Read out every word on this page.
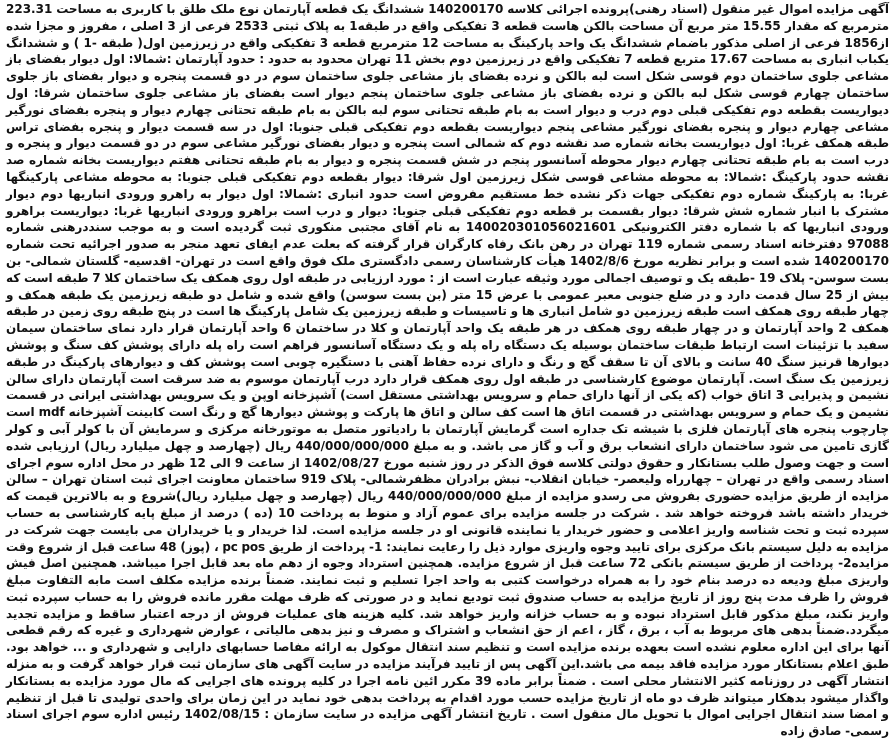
آگهی مزایده اموال غیر منقول (اسناد رهنی)پرونده اجرائی کلاسه 140200170 ششدانگ یک قطعه آپارتمان نوع ملک طلق با کاربری به مساحت 223.31 مترمربع که مقدار 15.55 متر مربع آن مساحت بالکن هاست قطعه 3 تفکیکی واقع در طبقه1 به پلاک ثبتی 2533 فرعی از 3 اصلی ، مفروز و مجزا شده از1856 فرعی از اصلی مذکور باضمام ششدانگ یک واحد پارکینگ به مساحت 12 مترمربع قطعه 3 تفکیکی واقع در زیرزمین اول( طبقه -1 ) و ششدانگ یکباب انباری به مساحت 17.67 متربع قطعه 7 تفکیکی واقع در زیرزمین دوم بخش 11 تهران محدود به حدود : حدود آپارتمان :شمالا: اول دیوار بفضای باز مشاعی جلوی ساختمان دوم قوسی شکل است لبه بالکن و نرده بفضای باز مشاعی جلوی ساختمان سوم در دو قسمت پنجره و دیوار بفضای باز جلوی ساختمان چهارم قوسی شکل لبه بالکن و نرده بفضای باز مشاعی جلوی ساختمان پنجم دیوار است بفضای باز مشاعی جلوی ساختمان شرقا: اول دیواریست بقطعه دوم تفکیکی قبلی دوم درب و دیوار است به بام طبقه تحتانی سوم لبه بالکن به بام طبقه تحتانی چهارم دیوار و پنجره بفضای نورگیر مشاعی چهارم دیوار و پنجره بفضای نورگیر مشاعی پنجم دیواریست بقطعه دوم تفکیکی قبلی جنوبا: اول در سه قسمت دیوار و پنجره بفضای تراس طبقه همکف غربا: اول دیواریست بخانه شماره صد نقشه دوم که شمالی است پنجره و دیوار بفضای نورگیر مشاعی سوم در دو قسمت دیوار و پنجره و درب است به بام طبقه تحتانی چهارم دیوار محوطه آسانسور پنجم در شش قسمت پنجره و دیوار به بام طبقه تحتانی هفتم دیواریست بخانه شماره صد نقشه حدود پارکینگ :شمالا: به محوطه مشاعی قوسی شکل زیرزمین اول شرقا: دیوار بقطعه دوم تفکیکی قبلی جنوبا: به محوطه مشاعی پارکینگها غربا: به پارکینگ شماره دوم تفکیکی جهات ذکر نشده خط مستقیم مفروض است حدود انباری :شمالا: اول دیوار به راهرو ورودی انباریها دوم دیوار مشترک با انبار شماره شش شرقا: دیوار بقسمت بر قطعه دوم تفکیکی قبلی جنوبا: دیوار و درب است براهرو ورودی انباریها غربا: دیواریست براهرو ورودی انباریها که با شماره دفتر الکترونیکی 140020301056021601 به نام آقای مجتبی منکوری ثبت گردیده است و به موجب سنددرهنی شماره 97088 دفترخانه اسناد رسمی شماره 119 تهران در رهن بانک رفاه کارگران قرار گرفته که بعلت عدم ایفای تعهد منجر به صدور اجرائیه تحت شماره 140200170 شده است و برابر نظریه مورخ 1402/8/6 هیأت کارشناسان رسمی دادگستری ملک فوق واقع است در تهران- اقدسیه- گلستان شمالی- بن بست سوسن- پلاک 19 -طبقه یک و توصیف اجمالی مورد وثیقه عبارت است از : مورد ارزیابی در طبقه اول روی همکف یک ساختمان کلا 7 طبقه است که بیش از 25 سال قدمت دارد و در ضلع جنوبی معبر عمومی با عرض 15 متر (بن بست سوسن) واقع شده و شامل دو طبقه زیرزمین یک طبقه همکف و چهار طبقه روی همکف است طبقه زیرزمین دو شامل انباری ها و تاسیسات و طبقه زیرزمین یک شامل پارکینگ ها است در پنج طبقه روی زمین در طبقه همکف 2 واحد آپارتمان و در چهار طبقه روی همکف در هر طبقه یک واحد آپارتمان و کلا در ساختمان 6 واحد آپارتمان قرار دارد نمای ساختمان سیمان سفید با تزئینات است ارتباط طبقات ساختمان بوسیله یک دستگاه راه پله و یک دستگاه آسانسور فراهم است راه پله دارای پوشش کف سنگ و پوشش دیوارها قرنیز سنگ 40 سانت و بالای آن تا سقف گچ و رنگ و دارای نرده حفاظ آهنی با دستگیره چوبی است پوشش کف و دیوارهای پارکینگ در طبقه زیرزمین یک سنگ است. آپارتمان موضوع کارشناسی در طبقه اول روی همکف قرار دارد درب آپارتمان موسوم به ضد سرقت است آپارتمان دارای سالن نشیمن و پذیرایی 3 اتاق خواب (که یکی از آنها دارای حمام و سرویس بهداشتی مستقل است) آشپزخانه اوپن و یک سرویس بهداشتی ایرانی در قسمت نشیمن و یک حمام و سرویس بهداشتی در قسمت اتاق ها است کف سالن و اتاق ها پارکت و پوشش دیوارها گچ و رنگ است کابینت آشپزخانه mdf است چارچوب پنجره های آپارتمان فلزی با شیشه تک جداره است گرمایش آپارتمان با رادیاتور متصل به موتورخانه مرکزی و سرمایش آن با کولر آبی و کولر گازی تامین می شود ساختمان دارای انشعاب برق و آب و گاز می باشد. و به مبلغ 440/000/000/000 ریال (چهارصد و چهل میلیارد ریال) ارزیابی شده است و جهت وصول طلب بستانکار و حقوق دولتی کلاسه فوق الذکر در روز شنبه مورخ 1402/08/27 از ساعت 9 الی 12 ظهر در محل اداره سوم اجرای اسناد رسمی واقع در تهران – چهارراه ولیعصر- خیابان انقلاب- نبش برادران مظفرشمالی- پلاک 919 ساختمان معاونت اجرای ثبت استان تهران – سالن مزایده از طریق مزایده حضوری بفروش می رسدو مزایده از مبلغ 440/000/000/000 ریال (چهارصد و چهل میلیارد ریال)شروع و به بالاترین قیمت که خریدار داشته باشد فروخته خواهد شد . شرکت در جلسه مزایده برای عموم آزاد و منوط به پرداخت 10 (ده ) درصد از مبلغ پایه کارشناسی به حساب سپرده ثبت و تحت شناسه واریز اعلامی و حضور خریدار یا نماینده قانونی او در جلسه مزایده است. لذا خریدار و یا خریداران می بایست جهت شرکت در مزایده به دلیل سیستم بانک مرکزی برای تایید وجوه واریزی موارد ذیل را رعایت نمایند: 1- پرداخت از طریق pc pos ، (پوز) 48 ساعت قبل از شروع وقت مزایده2- پرداخت از طریق سیستم بانکی 72 ساعت قبل از شروع مزایده. همچنین استرداد وجوه از دهم ماه بعد قابل اجرا میباشد. همچنین اصل فیش واریزی مبلغ ودیعه ده درصد بنام خود را به همراه درخواست کتبی به واحد اجرا تسلیم و ثبت نمایند. ضمناً برنده مزایده مکلف است مابه التفاوت مبلغ فروش را ظرف مدت پنج روز از تاریخ مزایده به حساب صندوق ثبت تودیع نماید و در صورتی که ظرف مهلت مقرر مانده فروش را به حساب سپرده ثبت واریز نکند، مبلغ مذکور قابل استرداد نبوده و به حساب خزانه واریز خواهد شد. کلیه هزینه های عملیات فروش از درجه اعتبار ساقط و مزایده تجدید میگردد.ضمناً بدهی های مربوط به آب ، برق ، گاز ، اعم از حق انشعاب و اشتراک و مصرف و نیز بدهی مالیاتی ، عوارض شهرداری و غیره که رقم قطعی آنها برای این اداره معلوم نشده است بعهده برنده مزایده است و تنظیم سند انتقال موکول به ارائه مفاصا حسابهای دارایی و شهرداری و ... خواهد بود. طبق اعلام بستانکار مورد مزایده فاقد بیمه می باشد.این آگهی پس از تایید فرآیند مزایده در سایت آگهی های سازمان ثبت قرار خواهد گرفت و به منزله انتشار آگهی در روزنامه کثیر الانتشار محلی است . ضمناً برابر ماده 39 مکرر ائین نامه اجرا در کلیه پرونده های اجرایی که مال مورد مزایده به بستانکار واگذار میشود بدهکار میتواند ظرف دو ماه از تاریخ مزایده حسب مورد اقدام به پرداخت بدهی خود نماید در این زمان برای واحدی تولیدی تا قبل از تنظیم و امضا سند انتقال اجرایی اموال با تحویل مال منقول است . تاریخ انتشار آگهی مزایده در سایت سازمان : 1402/08/15 رئیس اداره سوم اجرای اسناد رسمی- صادق زاده
